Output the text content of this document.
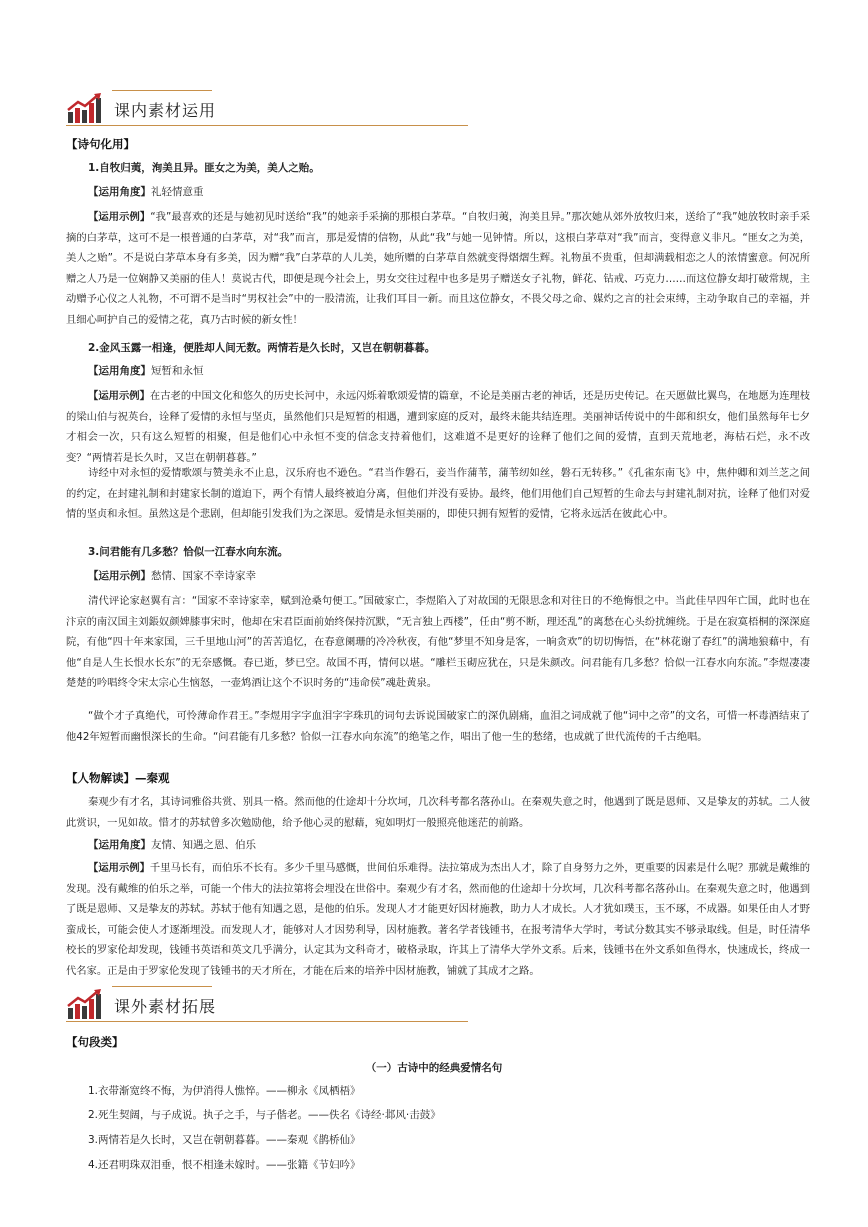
课内素材运用
【诗句化用】
1.自牧归荑，洵美且异。匪女之为美，美人之贻。
【运用角度】礼轻情意重
【运用示例】“我”最喜欢的还是与她初见时送给“我”的她亲手采摘的那根白茅草。“自牧归荑，洵美且异。”那次她从郊外放牧归来，送给了“我”她放牧时亲手采摘的白茅草，这可不是一根普通的白茅草，对“我”而言，那是爱情的信物，从此“我”与她一见钟情。所以，这根白茅草对“我”而言，变得意义非凡。“匪女之为美，美人之贻”。不是说白茅草本身有多美，因为赠“我”白茅草的人儿美，她所赠的白茅草自然就变得熠熠生辉。礼物虽不贵重，但却满载相恋之人的浓情蜜意。何况所赠之人乃是一位娴静又美丽的佳人！莫说古代，即便是现今社会上，男女交往过程中也多是男子赠送女子礼物，鲜花、钻戒、巧克力……而这位静女却打破常规，主动赠予心仪之人礼物，不可谓不是当时“男权社会”中的一股清流，让我们耳目一新。而且这位静女，不畏父母之命、媒灼之言的社会束缚，主动争取自己的幸福，并且细心呵护自己的爱情之花，真乃古时候的新女性！
2.金风玉露一相逢，便胜却人间无数。两情若是久长时，又岂在朝朝暮暮。
【运用角度】短暂和永恒
【运用示例】在古老的中国文化和悠久的历史长河中，永远闪烁着歌颂爱情的篇章，不论是美丽古老的神话，还是历史传记。在天愿做比翼鸟，在地愿为连理枝的梁山伯与祝英台，诠释了爱情的永恒与坚贞，虽然他们只是短暂的相遇，遭到家庭的反对，最终未能共结连理。美丽神话传说中的牛郎和织女，他们虽然每年七夕才相会一次，只有这么短暂的相聚，但是他们心中永恒不变的信念支持着他们，这难道不是更好的诠释了他们之间的爱情，直到天荒地老，海枯石烂，永不改变？“两情若是长久时，又岂在朝朝暮暮。”
诗经中对永恒的爱情歌颂与赞美永不止息，汉乐府也不逊色。“君当作磐石，妾当作蒲苇，蒲苇纫如丝，磐石无转移。”《孔雀东南飞》中，焦仲卿和刘兰芝之间的约定，在封建礼制和封建家长制的道迫下，两个有情人最终被迫分离，但他们并没有妥协。最终，他们用他们自己短暂的生命去与封建礼制对抗，诠释了他们对爱情的坚贞和永恒。虽然这是个悲剧，但却能引发我们为之深思。爱情是永恒美丽的，即使只拥有短暂的爱情，它将永远活在彼此心中。
3.问君能有几多愁？恰似一江春水向东流。
【运用示例】愁情、国家不幸诗家幸
清代评论家赵翼有言：“国家不幸诗家幸，赋到沧桑句便工。”国破家亡，李煜陷入了对故国的无限思念和对往日的不绝悔恨之中。当此佳早四年亡国，此时也在汴京的南汉国主刘鋹奴颜婢膝事宋时，他却在宋君臣面前始终保持沉默，“无言独上西楼”，任由“剪不断，理还乱”的离愁在心头纷扰缠绕。于是在寂寞梧桐的深深庭院，有他“四十年来家国，三千里地山河”的苦苦追忆，在春意阑珊的冷冷秋夜，有他“梦里不知身是客，一晌贪欢”的切切悔悟，在“林花谢了春红”的满地狼藉中，有他“自是人生长恨水长东”的无奈感慨。春已逝，梦已空。故国不再，情何以堪。“雕栏玉砌应犹在，只是朱颜改。问君能有几多愁？恰似一江春水向东流。”李煜凄凄楚楚的吟唱终令宋太宗心生恼怒，一壶鸩酒让这个不识时务的“违命侯”魂赴黄泉。
“做个才子真绝代，可怜薄命作君王。”李煜用字字血泪字字珠玑的词句去诉说国破家亡的深仇剧痛，血泪之词成就了他“词中之帝”的文名，可惜一杯毒酒结束了他42年短暂而幽恨深长的生命。“问君能有几多愁？恰似一江春水向东流”的绝笔之作，唱出了他一生的愁绪，也成就了世代流传的千古绝唱。
【人物解读】—秦观
秦观少有才名，其诗词雅俗共赏、别具一格。然而他的仕途却十分坎坷，几次科考都名落孙山。在秦观失意之时，他遇到了既是恩师、又是挚友的苏轼。二人彼此赏识，一见如故。惜才的苏轼曾多次勉励他，给予他心灵的慰藉，宛如明灯一般照亮他迷茫的前路。
【运用角度】友情、知遇之恩、伯乐
【运用示例】千里马长有，而伯乐不长有。多少千里马感慨，世间伯乐难得。法拉第成为杰出人才，除了自身努力之外，更重要的因素是什么呢？那就是戴维的发现。没有戴维的伯乐之举，可能一个伟大的法拉第将会埋没在世俗中。秦观少有才名，然而他的仕途却十分坎坷，几次科考都名落孙山。在秦观失意之时，他遇到了既是恩师、又是挚友的苏轼。苏轼于他有知遇之恩，是他的伯乐。发现人才才能更好因材施教，助力人才成长。人才犹如璞玉，玉不琢，不成器。如果任由人才野蛮成长，可能会使人才逐渐埋没。而发现人才，能够对人才因势利导，因材施教。著名学者钱锺书，在报考清华大学时，考试分数其实不够录取线。但是，时任清华校长的罗家伦却发现，钱锺书英语和英文几乎满分，认定其为文科奇才，破格录取，许其上了清华大学外文系。后来，钱锺书在外文系如鱼得水，快速成长，终成一代名家。正是由于罗家伦发现了钱锺书的天才所在，才能在后来的培养中因材施教，铺就了其成才之路。
课外素材拓展
【句段类】
（一）古诗中的经典爱情名句
1.衣带渐宽终不悔，为伊消得人憔悴。——柳永《凤栖梧》
2.死生契阔，与子成说。执子之手，与子偕老。——佚名《诗经·邶风·击鼓》
3.两情若是久长时，又岂在朝朝暮暮。——秦观《鹊桥仙》
4.还君明珠双泪垂，恨不相逢未嫁时。——张籍《节妇吟》
